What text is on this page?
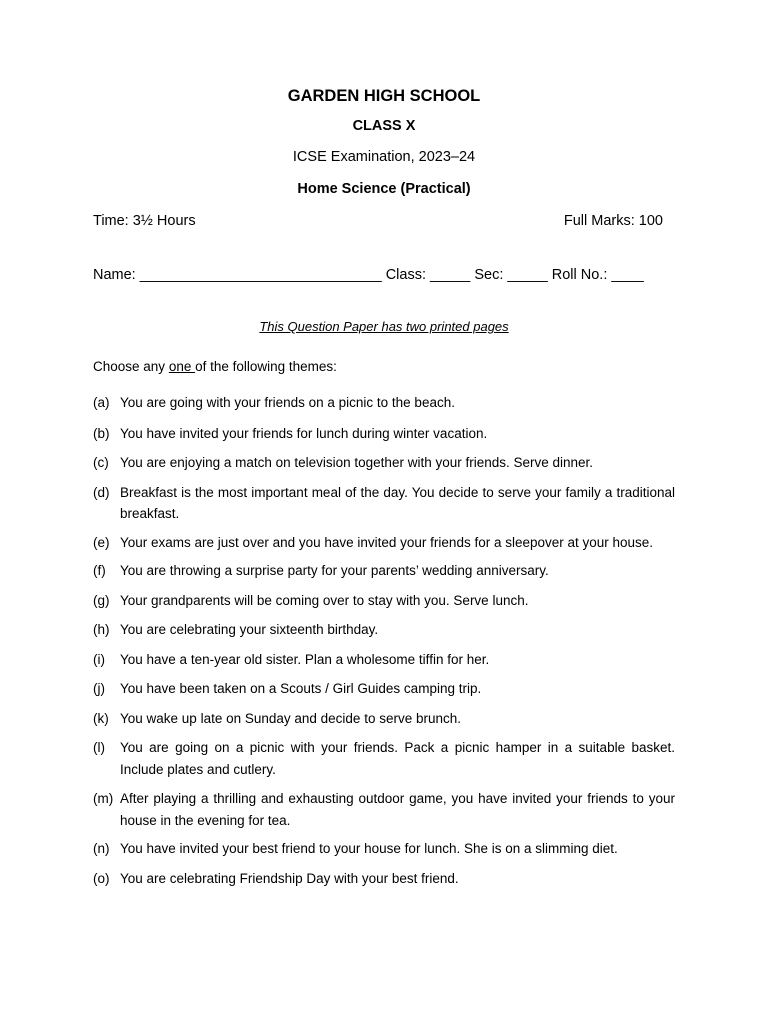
GARDEN HIGH SCHOOL
CLASS X
ICSE Examination, 2023–24
Home Science (Practical)
Time: 3½ Hours	Full Marks: 100
Name: ______________________________ Class: _____ Sec: _____ Roll No.: ____
This Question Paper has two printed pages
Choose any one of the following themes:
(a) You are going with your friends on a picnic to the beach.
(b) You have invited your friends for lunch during winter vacation.
(c) You are enjoying a match on television together with your friends. Serve dinner.
(d) Breakfast is the most important meal of the day. You decide to serve your family a traditional breakfast.
(e) Your exams are just over and you have invited your friends for a sleepover at your house.
(f)	You are throwing a surprise party for your parents’ wedding anniversary.
(g) Your grandparents will be coming over to stay with you. Serve lunch.
(h) You are celebrating your sixteenth birthday.
(i)	You have a ten-year old sister. Plan a wholesome tiffin for her.
(j)	You have been taken on a Scouts / Girl Guides camping trip.
(k) You wake up late on Sunday and decide to serve brunch.
(l)	You are going on a picnic with your friends. Pack a picnic hamper in a suitable basket. Include plates and cutlery.
(m) After playing a thrilling and exhausting outdoor game, you have invited your friends to your house in the evening for tea.
(n) You have invited your best friend to your house for lunch. She is on a slimming diet.
(o) You are celebrating Friendship Day with your best friend.
